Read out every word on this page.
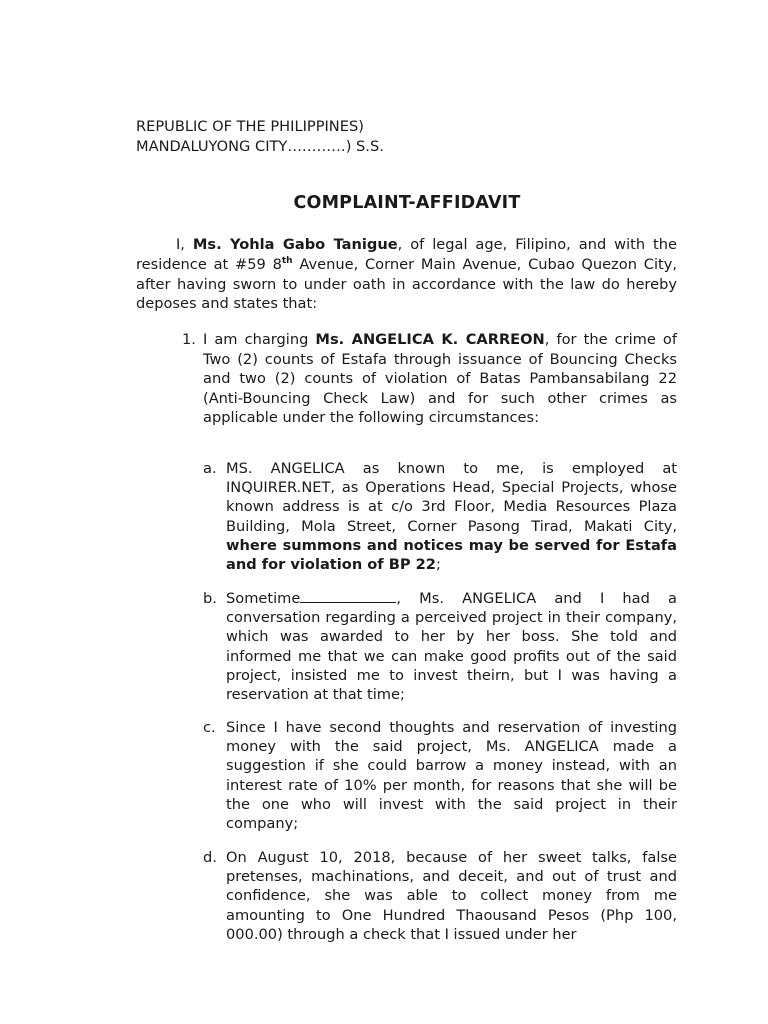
REPUBLIC OF THE PHILIPPINES)
MANDALUYONG CITY…………) S.S.
COMPLAINT-AFFIDAVIT
I, Ms. Yohla Gabo Tanigue, of legal age, Filipino, and with the residence at #59 8th Avenue, Corner Main Avenue, Cubao Quezon City, after having sworn to under oath in accordance with the law do hereby deposes and states that:
1. I am charging Ms. ANGELICA K. CARREON, for the crime of Two (2) counts of Estafa through issuance of Bouncing Checks and two (2) counts of violation of Batas Pambansabilang 22 (Anti-Bouncing Check Law) and for such other crimes as applicable under the following circumstances:
a. MS. ANGELICA as known to me, is employed at INQUIRER.NET, as Operations Head, Special Projects, whose known address is at c/o 3rd Floor, Media Resources Plaza Building, Mola Street, Corner Pasong Tirad, Makati City, where summons and notices may be served for Estafa and for violation of BP 22;
b. Sometime	, Ms. ANGELICA and I had a conversation regarding a perceived project in their company, which was awarded to her by her boss. She told and informed me that we can make good profits out of the said project, insisted me to invest theirn, but I was having a reservation at that time;
c. Since I have second thoughts and reservation of investing money with the said project, Ms. ANGELICA made a suggestion if she could barrow a money instead, with an interest rate of 10% per month, for reasons that she will be the one who will invest with the said project in their company;
d. On August 10, 2018, because of her sweet talks, false pretenses, machinations, and deceit, and out of trust and confidence, she was able to collect money from me amounting to One Hundred Thaousand Pesos (Php 100, 000.00) through a check that I issued under her
